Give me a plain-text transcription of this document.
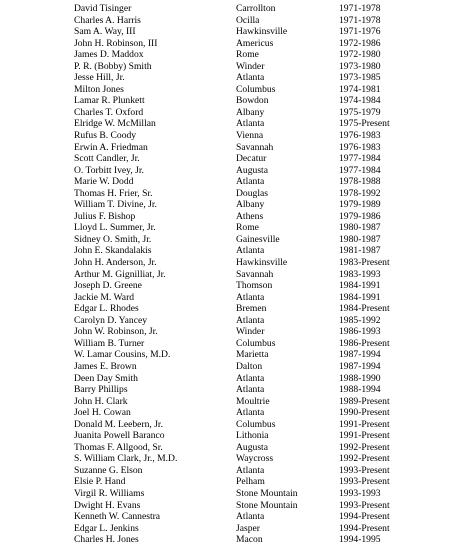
David Tisinger	Carrollton	1971-1978
Charles A. Harris	Ocilla	1971-1978
Sam A. Way, III	Hawkinsville	1971-1976
John H. Robinson, III	Americus	1972-1986
James D. Maddox	Rome	1972-1980
P. R. (Bobby) Smith	Winder	1973-1980
Jesse Hill, Jr.	Atlanta	1973-1985
Milton Jones	Columbus	1974-1981
Lamar R. Plunkett	Bowdon	1974-1984
Charles T. Oxford	Albany	1975-1979
Elridge W. McMillan	Atlanta	1975-Present
Rufus B. Coody	Vienna	1976-1983
Erwin A. Friedman	Savannah	1976-1983
Scott Candler, Jr.	Decatur	1977-1984
O. Torbitt Ivey, Jr.	Augusta	1977-1984
Marie W. Dodd	Atlanta	1978-1988
Thomas H. Frier, Sr.	Douglas	1978-1992
William T. Divine, Jr.	Albany	1979-1989
Julius F. Bishop	Athens	1979-1986
Lloyd L. Summer, Jr.	Rome	1980-1987
Sidney O. Smith, Jr.	Gainesville	1980-1987
John E. Skandalakis	Atlanta	1981-1987
John H. Anderson, Jr.	Hawkinsville	1983-Present
Arthur M. Gignilliat, Jr.	Savannah	1983-1993
Joseph D. Greene	Thomson	1984-1991
Jackie M. Ward	Atlanta	1984-1991
Edgar L. Rhodes	Bremen	1984-Present
Carolyn D. Yancey	Atlanta	1985-1992
John W. Robinson, Jr.	Winder	1986-1993
William B. Turner	Columbus	1986-Present
W. Lamar Cousins, M.D.	Marietta	1987-1994
James E. Brown	Dalton	1987-1994
Deen Day Smith	Atlanta	1988-1990
Barry Phillips	Atlanta	1988-1994
John H. Clark	Moultrie	1989-Present
Joel H. Cowan	Atlanta	1990-Present
Donald M. Leebern, Jr.	Columbus	1991-Present
Juanita Powell Baranco	Lithonia	1991-Present
Thomas F. Allgood, Sr.	Augusta	1992-Present
S. William Clark, Jr., M.D.	Waycross	1992-Present
Suzanne G. Elson	Atlanta	1993-Present
Elsie P. Hand	Pelham	1993-Present
Virgil R. Williams	Stone Mountain	1993-1993
Dwight H. Evans	Stone Mountain	1993-Present
Kenneth W. Cannestra	Atlanta	1994-Present
Edgar L. Jenkins	Jasper	1994-Present
Charles H. Jones	Macon	1994-1995
